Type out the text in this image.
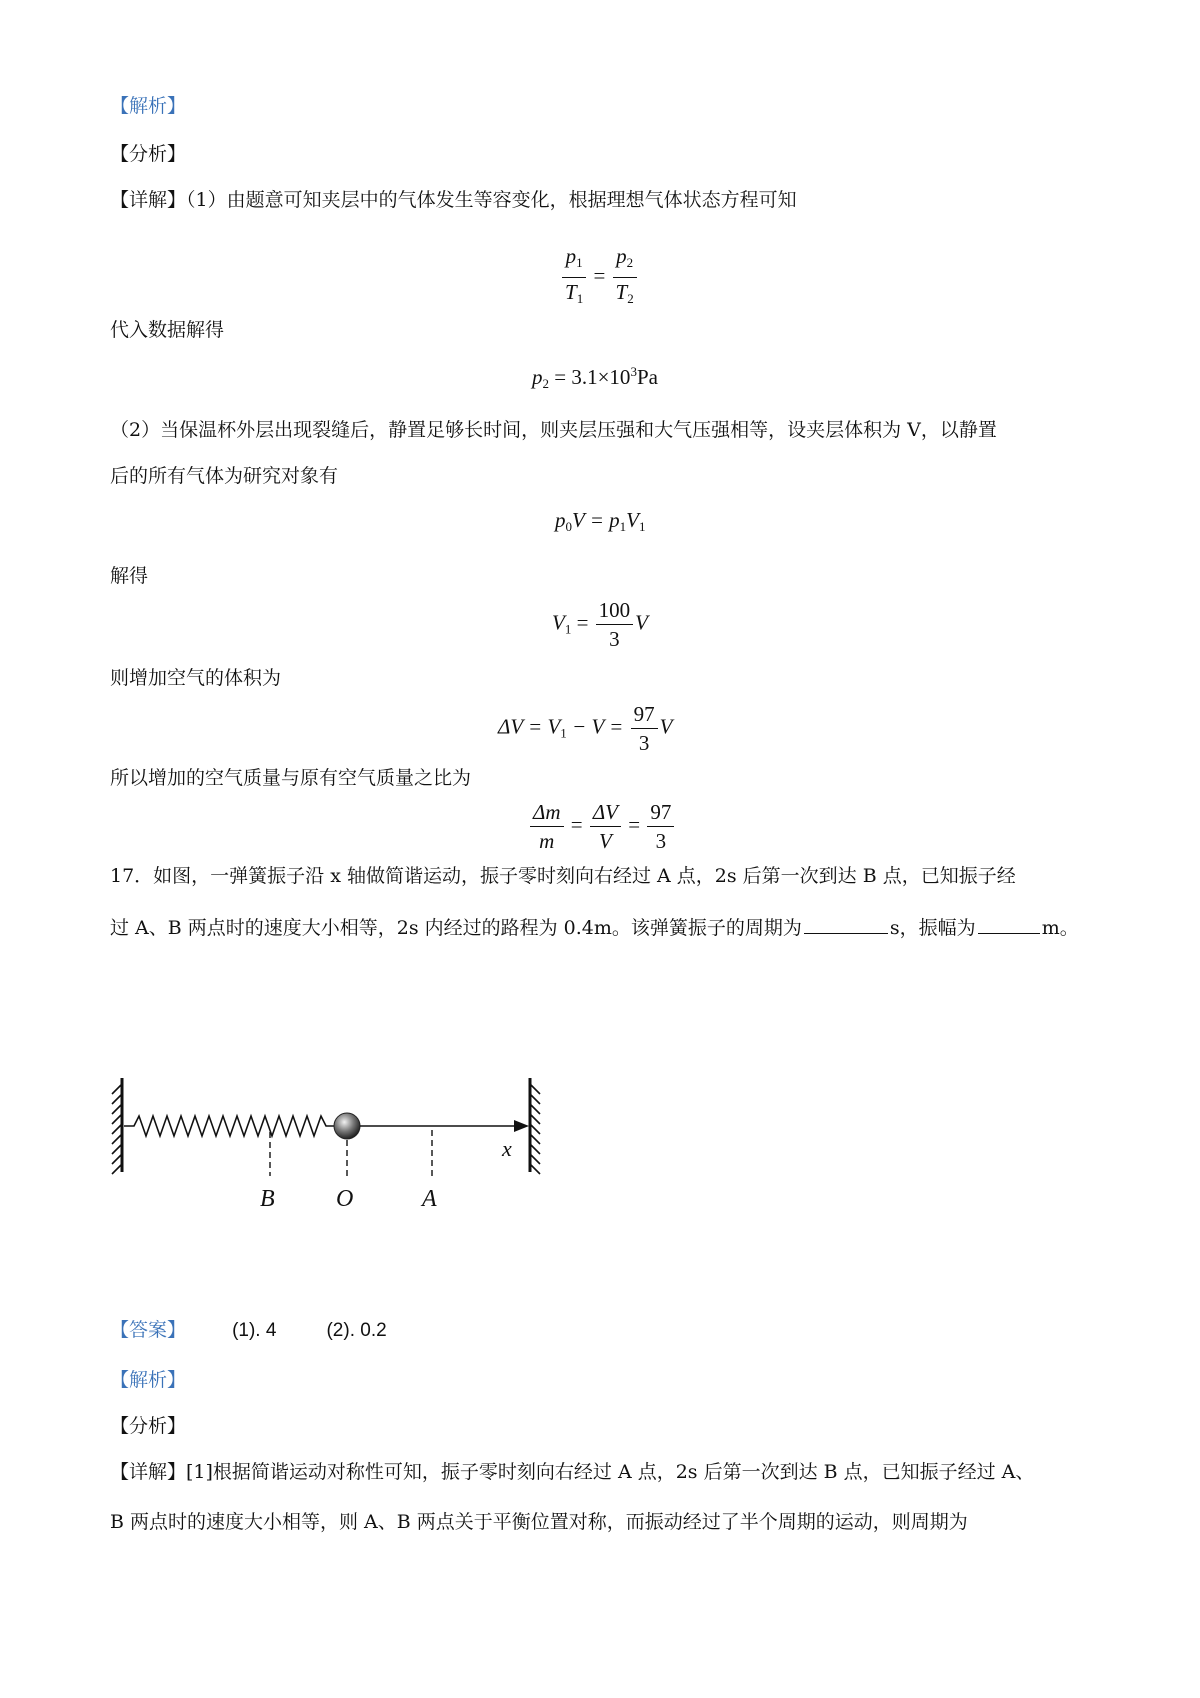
【解析】
【分析】
【详解】（1）由题意可知夹层中的气体发生等容变化，根据理想气体状态方程可知
$\frac{p_1}{T_1} = \frac{p_2}{T_2}$
代入数据解得
$p_2 = 3.1\times 10^3Pa$
（2）当保温杯外层出现裂缝后，静置足够长时间，则夹层压强和大气压强相等，设夹层体积为 V，以静置
后的所有气体为研究对象有
$p_0V = p_1V_1$
解得
$V_1 = \frac{100}{3}$ V
则增加空气的体积为
$\Delta V = V_1 - V = \frac{97}{3}$ V
所以增加的空气质量与原有空气质量之比为
$\frac{\Delta m}{m} = \frac{\Delta V}{V} = \frac{97}{3}$
17．如图，一弹簧振子沿 x 轴做简谐运动，振子零时刻向右经过 A 点，2s 后第一次到达 B 点，已知振子经
过 A、B 两点时的速度大小相等，2s 内经过的路程为 0.4m。该弹簧振子的周期为	s，振幅为	m。
B	O	A
x
【答案】 (1). 4	(2). 0.2
【解析】
【分析】
【详解】[1]根据简谐运动对称性可知，振子零时刻向右经过 A 点，2s 后第一次到达 B 点，已知振子经过 A、
B 两点时的速度大小相等，则 A、B 两点关于平衡位置对称，而振动经过了半个周期的运动，则周期为
